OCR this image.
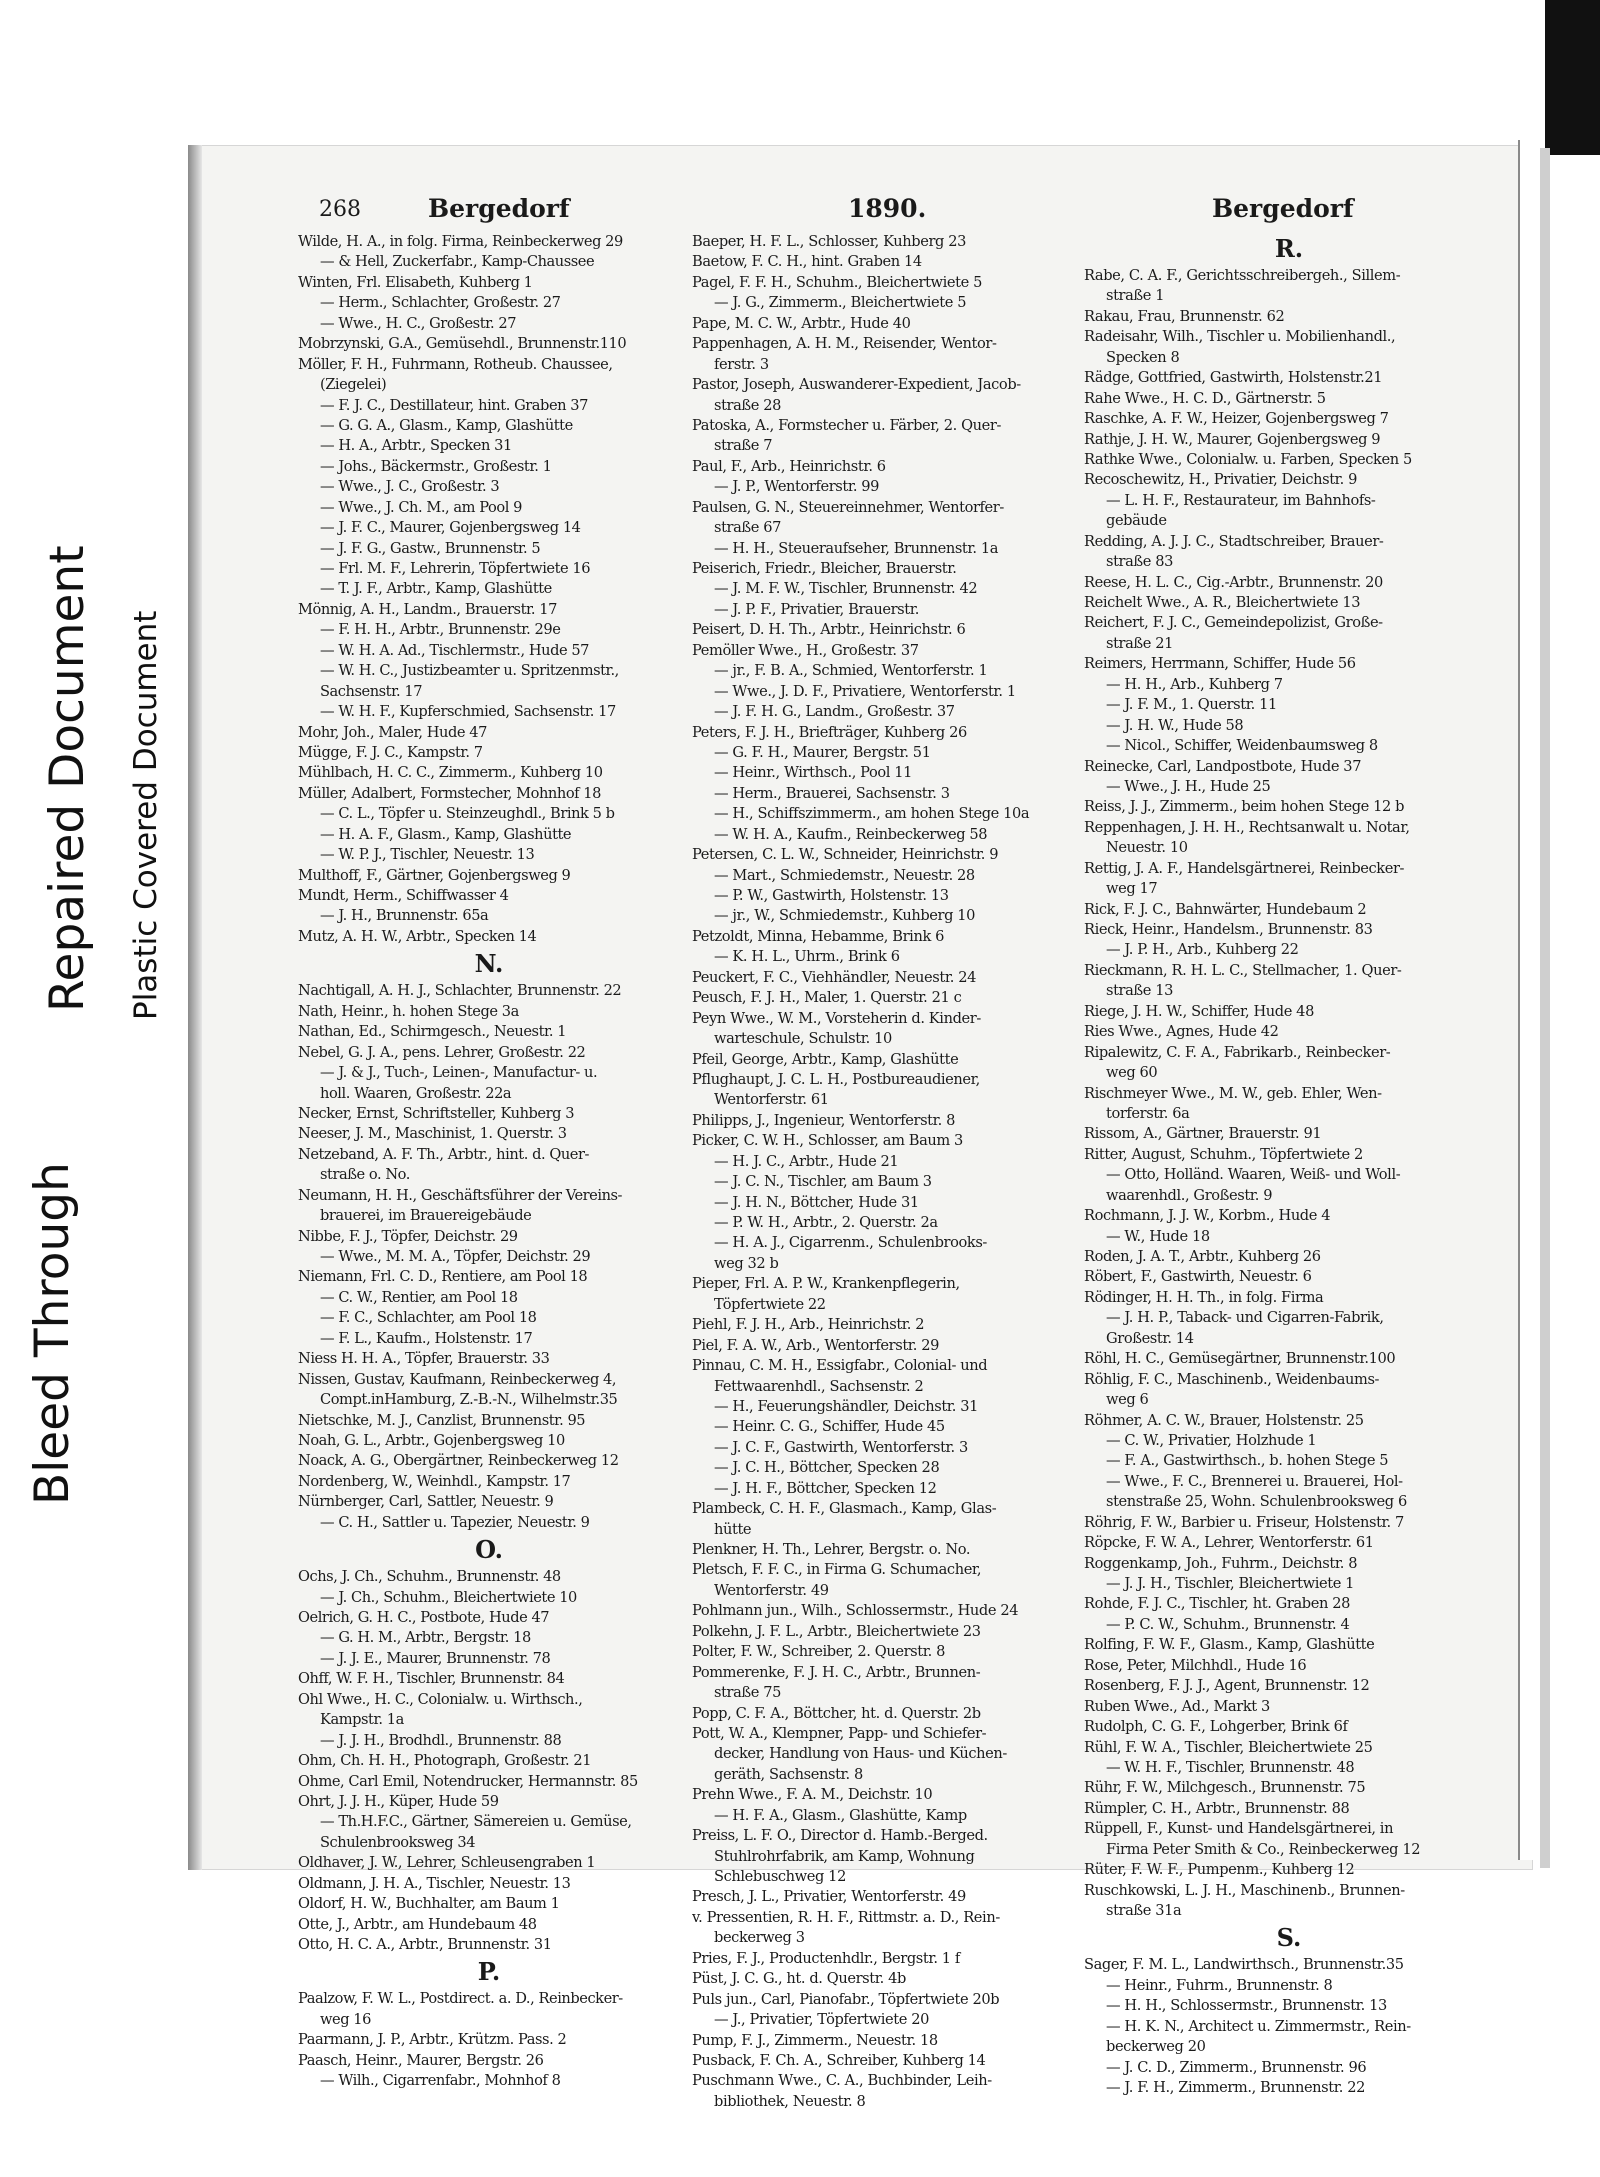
Bleed Through
Repaired Document Plastic Covered Document
268	Bergedorf	1890.	Bergedorf
Wilde, H. A., in folg. Firma, Reinbeckerweg 29
— & Hell, Zuckerfabr., Kamp-Chaussee
Winten, Frl. Elisabeth, Kuhberg 1
— Herm., Schlachter, Großestr. 27
— Wwe., H. C., Großestr. 27
Mobrzynski, G.A., Gemüsehdl., Brunnenstr.110
Möller, F. H., Fuhrmann, Rotheub. Chaussee,
(Ziegelei)
— F. J. C., Destillateur, hint. Graben 37
— G. G. A., Glasm., Kamp, Glashütte
— H. A., Arbtr., Specken 31
— Johs., Bäckermstr., Großestr. 1
— Wwe., J. C., Großestr. 3
— Wwe., J. Ch. M., am Pool 9
— J. F. C., Maurer, Gojenbergsweg 14
— J. F. G., Gastw., Brunnenstr. 5
— Frl. M. F., Lehrerin, Töpfertwiete 16
— T. J. F., Arbtr., Kamp, Glashütte
Mönnig, A. H., Landm., Brauerstr. 17
— F. H. H., Arbtr., Brunnenstr. 29e
— W. H. A. Ad., Tischlermstr., Hude 57
— W. H. C., Justizbeamter u. Spritzenmstr.,
Sachsenstr. 17
— W. H. F., Kupferschmied, Sachsenstr. 17
Mohr, Joh., Maler, Hude 47
Mügge, F. J. C., Kampstr. 7
Mühlbach, H. C. C., Zimmerm., Kuhberg 10
Müller, Adalbert, Formstecher, Mohnhof 18
— C. L., Töpfer u. Steinzeughdl., Brink 5 b
— H. A. F., Glasm., Kamp, Glashütte
— W. P. J., Tischler, Neuestr. 13
Multhoff, F., Gärtner, Gojenbergsweg 9
Mundt, Herm., Schiffwasser 4
— J. H., Brunnenstr. 65a
Mutz, A. H. W., Arbtr., Specken 14
N.
Nachtigall, A. H. J., Schlachter, Brunnenstr. 22
Nath, Heinr., h. hohen Stege 3a
Nathan, Ed., Schirmgesch., Neuestr. 1
Nebel, G. J. A., pens. Lehrer, Großestr. 22
— J. & J., Tuch-, Leinen-, Manufactur- u.
holl. Waaren, Großestr. 22a
Necker, Ernst, Schriftsteller, Kuhberg 3
Neeser, J. M., Maschinist, 1. Querstr. 3
Netzeband, A. F. Th., Arbtr., hint. d. Quer-
straße o. No.
Neumann, H. H., Geschäftsführer der Vereins-
brauerei, im Brauereigebäude
Nibbe, F. J., Töpfer, Deichstr. 29
— Wwe., M. M. A., Töpfer, Deichstr. 29
Niemann, Frl. C. D., Rentiere, am Pool 18
— C. W., Rentier, am Pool 18
— F. C., Schlachter, am Pool 18
— F. L., Kaufm., Holstenstr. 17
Niess H. H. A., Töpfer, Brauerstr. 33
Nissen, Gustav, Kaufmann, Reinbeckerweg 4,
Compt.inHamburg, Z.-B.-N., Wilhelmstr.35
Nietschke, M. J., Canzlist, Brunnenstr. 95
Noah, G. L., Arbtr., Gojenbergsweg 10
Noack, A. G., Obergärtner, Reinbeckerweg 12
Nordenberg, W., Weinhdl., Kampstr. 17
Nürnberger, Carl, Sattler, Neuestr. 9
— C. H., Sattler u. Tapezier, Neuestr. 9
O.
Ochs, J. Ch., Schuhm., Brunnenstr. 48
— J. Ch., Schuhm., Bleichertwiete 10
Oelrich, G. H. C., Postbote, Hude 47
— G. H. M., Arbtr., Bergstr. 18
— J. J. E., Maurer, Brunnenstr. 78
Ohff, W. F. H., Tischler, Brunnenstr. 84
Ohl Wwe., H. C., Colonialw. u. Wirthsch.,
Kampstr. 1a
— J. J. H., Brodhdl., Brunnenstr. 88
Ohm, Ch. H. H., Photograph, Großestr. 21
Ohme, Carl Emil, Notendrucker, Hermannstr. 85
Ohrt, J. J. H., Küper, Hude 59
— Th.H.F.C., Gärtner, Sämereien u. Gemüse,
Schulenbrooksweg 34
Oldhaver, J. W., Lehrer, Schleusengraben 1
Oldmann, J. H. A., Tischler, Neuestr. 13
Oldorf, H. W., Buchhalter, am Baum 1
Otte, J., Arbtr., am Hundebaum 48
Otto, H. C. A., Arbtr., Brunnenstr. 31
P.
Paalzow, F. W. L., Postdirect. a. D., Reinbecker-
weg 16
Paarmann, J. P., Arbtr., Krützm. Pass. 2
Paasch, Heinr., Maurer, Bergstr. 26
— Wilh., Cigarrenfabr., Mohnhof 8
Baeper, H. F. L., Schlosser, Kuhberg 23
Baetow, F. C. H., hint. Graben 14
Pagel, F. F. H., Schuhm., Bleichertwiete 5
— J. G., Zimmerm., Bleichertwiete 5
Pape, M. C. W., Arbtr., Hude 40
Pappenhagen, A. H. M., Reisender, Wentor-
ferstr. 3
Pastor, Joseph, Auswanderer-Expedient, Jacob-
straße 28
Patoska, A., Formstecher u. Färber, 2. Quer-
straße 7
Paul, F., Arb., Heinrichstr. 6
— J. P., Wentorferstr. 99
Paulsen, G. N., Steuereinnehmer, Wentorfer-
straße 67
— H. H., Steueraufseher, Brunnenstr. 1a
Peiserich, Friedr., Bleicher, Brauerstr.
— J. M. F. W., Tischler, Brunnenstr. 42
— J. P. F., Privatier, Brauerstr.
Peisert, D. H. Th., Arbtr., Heinrichstr. 6
Pemöller Wwe., H., Großestr. 37
— jr., F. B. A., Schmied, Wentorferstr. 1
— Wwe., J. D. F., Privatiere, Wentorferstr. 1
— J. F. H. G., Landm., Großestr. 37
Peters, F. J. H., Briefträger, Kuhberg 26
— G. F. H., Maurer, Bergstr. 51
— Heinr., Wirthsch., Pool 11
— Herm., Brauerei, Sachsenstr. 3
— H., Schiffszimmerm., am hohen Stege 10a
— W. H. A., Kaufm., Reinbeckerweg 58
Petersen, C. L. W., Schneider, Heinrichstr. 9
— Mart., Schmiedemstr., Neuestr. 28
— P. W., Gastwirth, Holstenstr. 13
— jr., W., Schmiedemstr., Kuhberg 10
Petzoldt, Minna, Hebamme, Brink 6
— K. H. L., Uhrm., Brink 6
Peuckert, F. C., Viehhändler, Neuestr. 24
Peusch, F. J. H., Maler, 1. Querstr. 21 c
Peyn Wwe., W. M., Vorsteherin d. Kinder-
warteschule, Schulstr. 10
Pfeil, George, Arbtr., Kamp, Glashütte
Pflughaupt, J. C. L. H., Postbureaudiener,
Wentorferstr. 61
Philipps, J., Ingenieur, Wentorferstr. 8
Picker, C. W. H., Schlosser, am Baum 3
— H. J. C., Arbtr., Hude 21
— J. C. N., Tischler, am Baum 3
— J. H. N., Böttcher, Hude 31
— P. W. H., Arbtr., 2. Querstr. 2a
— H. A. J., Cigarrenm., Schulenbrooks-
weg 32 b
Pieper, Frl. A. P. W., Krankenpflegerin,
Töpfertwiete 22
Piehl, F. J. H., Arb., Heinrichstr. 2
Piel, F. A. W., Arb., Wentorferstr. 29
Pinnau, C. M. H., Essigfabr., Colonial- und
Fettwaarenhdl., Sachsenstr. 2
— H., Feuerungshändler, Deichstr. 31
— Heinr. C. G., Schiffer, Hude 45
— J. C. F., Gastwirth, Wentorferstr. 3
— J. C. H., Böttcher, Specken 28
— J. H. F., Böttcher, Specken 12
Plambeck, C. H. F., Glasmach., Kamp, Glas-
hütte
Plenkner, H. Th., Lehrer, Bergstr. o. No.
Pletsch, F. F. C., in Firma G. Schumacher,
Wentorferstr. 49
Pohlmann jun., Wilh., Schlossermstr., Hude 24
Polkehn, J. F. L., Arbtr., Bleichertwiete 23
Polter, F. W., Schreiber, 2. Querstr. 8
Pommerenke, F. J. H. C., Arbtr., Brunnen-
straße 75
Popp, C. F. A., Böttcher, ht. d. Querstr. 2b
Pott, W. A., Klempner, Papp- und Schiefer-
decker, Handlung von Haus- und Küchen-
geräth, Sachsenstr. 8
Prehn Wwe., F. A. M., Deichstr. 10
— H. F. A., Glasm., Glashütte, Kamp
Preiss, L. F. O., Director d. Hamb.-Berged.
Stuhlrohrfabrik, am Kamp, Wohnung
Schlebuschweg 12
Presch, J. L., Privatier, Wentorferstr. 49
v. Pressentien, R. H. F., Rittmstr. a. D., Rein-
beckerweg 3
Pries, F. J., Productenhdlr., Bergstr. 1 f
Püst, J. C. G., ht. d. Querstr. 4b
Puls jun., Carl, Pianofabr., Töpfertwiete 20b
— J., Privatier, Töpfertwiete 20
Pump, F. J., Zimmerm., Neuestr. 18
Pusback, F. Ch. A., Schreiber, Kuhberg 14
Puschmann Wwe., C. A., Buchbinder, Leih-
bibliothek, Neuestr. 8
R.
Rabe, C. A. F., Gerichtsschreibergeh., Sillem-
straße 1
Rakau, Frau, Brunnenstr. 62
Radeisahr, Wilh., Tischler u. Mobilienhandl.,
Specken 8
Rädge, Gottfried, Gastwirth, Holstenstr.21
Rahe Wwe., H. C. D., Gärtnerstr. 5
Raschke, A. F. W., Heizer, Gojenbergsweg 7
Rathje, J. H. W., Maurer, Gojenbergsweg 9
Rathke Wwe., Colonialw. u. Farben, Specken 5
Recoschewitz, H., Privatier, Deichstr. 9
— L. H. F., Restaurateur, im Bahnhofs-
gebäude
Redding, A. J. J. C., Stadtschreiber, Brauer-
straße 83
Reese, H. L. C., Cig.-Arbtr., Brunnenstr. 20
Reichelt Wwe., A. R., Bleichertwiete 13
Reichert, F. J. C., Gemeindepolizist, Große-
straße 21
Reimers, Herrmann, Schiffer, Hude 56
— H. H., Arb., Kuhberg 7
— J. F. M., 1. Querstr. 11
— J. H. W., Hude 58
— Nicol., Schiffer, Weidenbaumsweg 8
Reinecke, Carl, Landpostbote, Hude 37
— Wwe., J. H., Hude 25
Reiss, J. J., Zimmerm., beim hohen Stege 12 b
Reppenhagen, J. H. H., Rechtsanwalt u. Notar,
Neuestr. 10
Rettig, J. A. F., Handelsgärtnerei, Reinbecker-
weg 17
Rick, F. J. C., Bahnwärter, Hundebaum 2
Rieck, Heinr., Handelsm., Brunnenstr. 83
— J. P. H., Arb., Kuhberg 22
Rieckmann, R. H. L. C., Stellmacher, 1. Quer-
straße 13
Riege, J. H. W., Schiffer, Hude 48
Ries Wwe., Agnes, Hude 42
Ripalewitz, C. F. A., Fabrikarb., Reinbecker-
weg 60
Rischmeyer Wwe., M. W., geb. Ehler, Wen-
torferstr. 6a
Rissom, A., Gärtner, Brauerstr. 91
Ritter, August, Schuhm., Töpfertwiete 2
— Otto, Holländ. Waaren, Weiß- und Woll-
waarenhdl., Großestr. 9
Rochmann, J. J. W., Korbm., Hude 4
— W., Hude 18
Roden, J. A. T., Arbtr., Kuhberg 26
Röbert, F., Gastwirth, Neuestr. 6
Rödinger, H. H. Th., in folg. Firma
— J. H. P., Taback- und Cigarren-Fabrik,
Großestr. 14
Röhl, H. C., Gemüsegärtner, Brunnenstr.100
Röhlig, F. C., Maschinenb., Weidenbaums-
weg 6
Röhmer, A. C. W., Brauer, Holstenstr. 25
— C. W., Privatier, Holzhude 1
— F. A., Gastwirthsch., b. hohen Stege 5
— Wwe., F. C., Brennerei u. Brauerei, Hol-
stenstraße 25, Wohn. Schulenbrooksweg 6
Röhrig, F. W., Barbier u. Friseur, Holstenstr. 7
Röpcke, F. W. A., Lehrer, Wentorferstr. 61
Roggenkamp, Joh., Fuhrm., Deichstr. 8
— J. J. H., Tischler, Bleichertwiete 1
Rohde, F. J. C., Tischler, ht. Graben 28
— P. C. W., Schuhm., Brunnenstr. 4
Rolfing, F. W. F., Glasm., Kamp, Glashütte
Rose, Peter, Milchhdl., Hude 16
Rosenberg, F. J. J., Agent, Brunnenstr. 12
Ruben Wwe., Ad., Markt 3
Rudolph, C. G. F., Lohgerber, Brink 6f
Rühl, F. W. A., Tischler, Bleichertwiete 25
— W. H. F., Tischler, Brunnenstr. 48
Rühr, F. W., Milchgesch., Brunnenstr. 75
Rümpler, C. H., Arbtr., Brunnenstr. 88
Rüppell, F., Kunst- und Handelsgärtnerei, in
Firma Peter Smith & Co., Reinbeckerweg 12
Rüter, F. W. F., Pumpenm., Kuhberg 12
Ruschkowski, L. J. H., Maschinenb., Brunnen-
straße 31a
S.
Sager, F. M. L., Landwirthsch., Brunnenstr.35
— Heinr., Fuhrm., Brunnenstr. 8
— H. H., Schlossermstr., Brunnenstr. 13
— H. K. N., Architect u. Zimmermstr., Rein-
beckerweg 20
— J. C. D., Zimmerm., Brunnenstr. 96
— J. F. H., Zimmerm., Brunnenstr. 22
